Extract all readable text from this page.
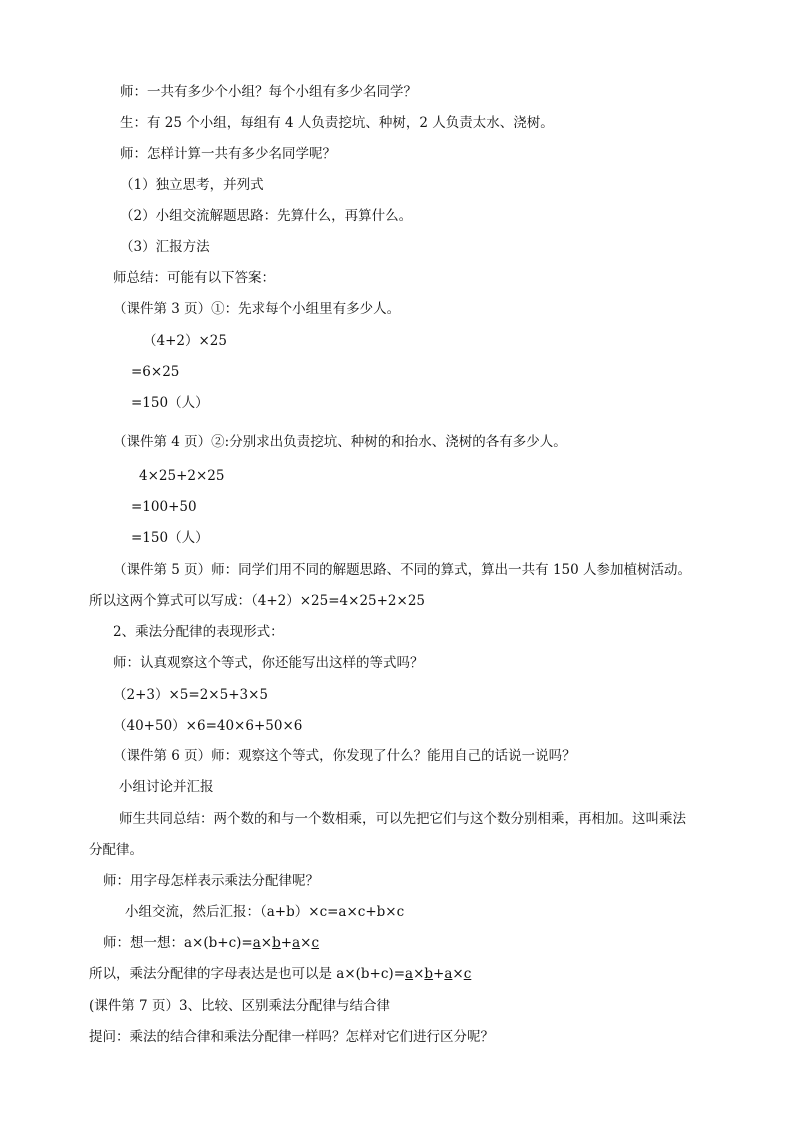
师：一共有多少个小组？每个小组有多少名同学？
生：有 25 个小组，每组有 4 人负责挖坑、种树，2 人负责太水、浇树。
师：怎样计算一共有多少名同学呢？
（1）独立思考，并列式
（2）小组交流解题思路：先算什么，再算什么。
（3）汇报方法
师总结：可能有以下答案：
（课件第 3 页）①：先求每个小组里有多少人。
（4+2）×25
=6×25
=150（人）
（课件第 4 页）②:分别求出负责挖坑、种树的和抬水、浇树的各有多少人。
4×25+2×25
=100+50
=150（人）
（课件第 5 页）师：同学们用不同的解题思路、不同的算式，算出一共有 150 人参加植树活动。
所以这两个算式可以写成：（4+2）×25=4×25+2×25
2、乘法分配律的表现形式：
师：认真观察这个等式，你还能写出这样的等式吗？
（2+3）×5=2×5+3×5
（40+50）×6=40×6+50×6
（课件第 6 页）师：观察这个等式，你发现了什么？能用自己的话说一说吗？
小组讨论并汇报
师生共同总结：两个数的和与一个数相乘，可以先把它们与这个数分别相乘，再相加。这叫乘法
分配律。
师：用字母怎样表示乘法分配律呢？
小组交流，然后汇报：（a+b）×c=a×c+b×c
师：想一想：a×(b+c)=a×b+a×c
所以，乘法分配律的字母表达是也可以是 a×(b+c)=a×b+a×c
(课件第 7 页）3、比较、区别乘法分配律与结合律
提问：乘法的结合律和乘法分配律一样吗？怎样对它们进行区分呢？
